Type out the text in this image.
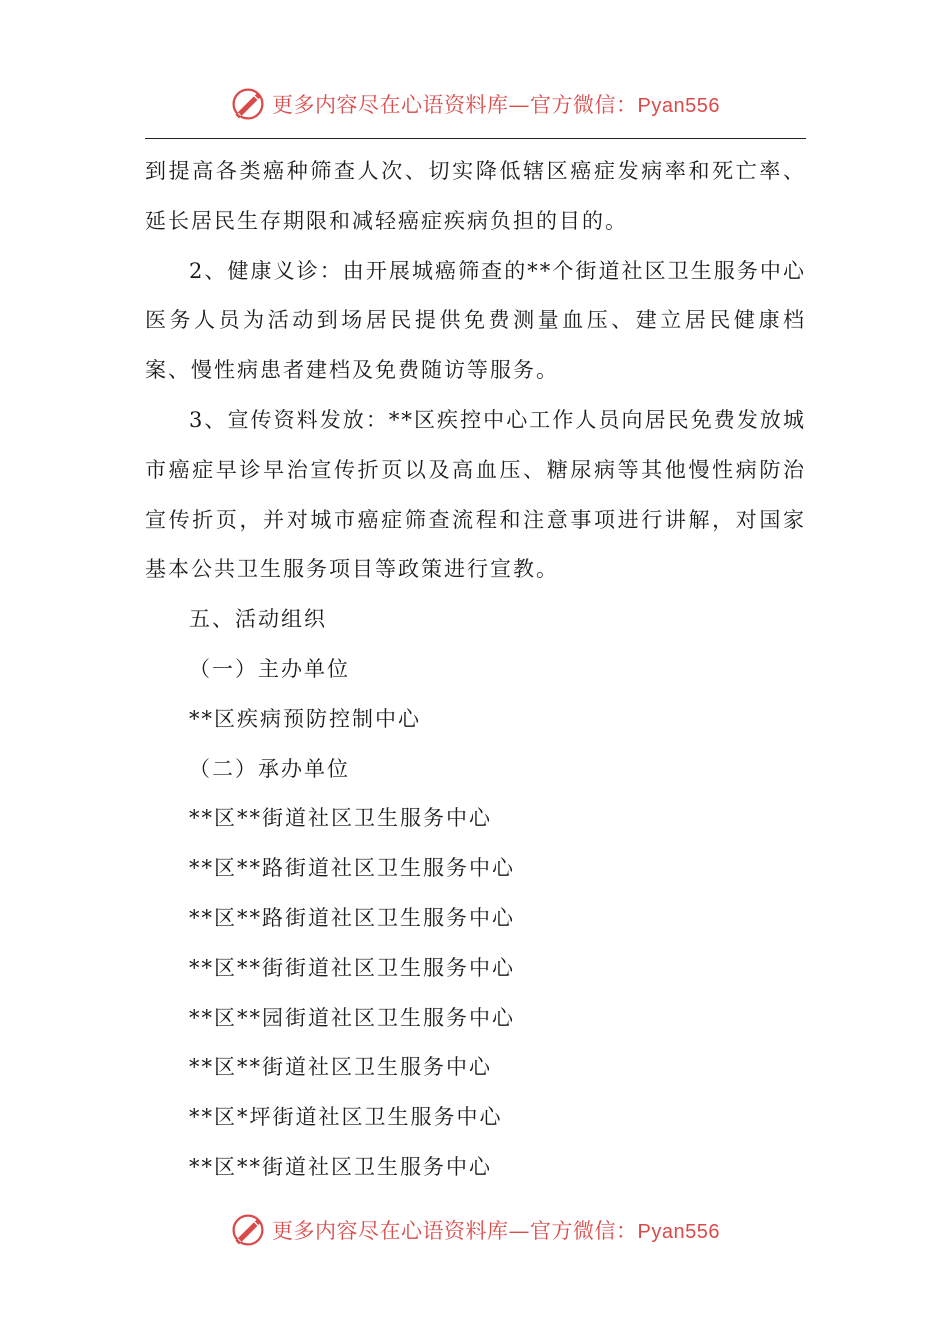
更多内容尽在心语资料库—官方微信：Pyan556

到提高各类癌种筛查人次、切实降低辖区癌症发病率和死亡率、延长居民生存期限和减轻癌症疾病负担的目的。

2、健康义诊：由开展城癌筛查的**个街道社区卫生服务中心医务人员为活动到场居民提供免费测量血压、建立居民健康档案、慢性病患者建档及免费随访等服务。

3、宣传资料发放：**区疾控中心工作人员向居民免费发放城市癌症早诊早治宣传折页以及高血压、糖尿病等其他慢性病防治宣传折页，并对城市癌症筛查流程和注意事项进行讲解，对国家基本公共卫生服务项目等政策进行宣教。

五、活动组织

（一）主办单位

**区疾病预防控制中心

（二）承办单位

**区**街道社区卫生服务中心

**区**路街道社区卫生服务中心

**区**路街道社区卫生服务中心

**区**街街道社区卫生服务中心

**区**园街道社区卫生服务中心

**区**街道社区卫生服务中心

**区*坪街道社区卫生服务中心

**区**街道社区卫生服务中心

更多内容尽在心语资料库—官方微信：Pyan556
